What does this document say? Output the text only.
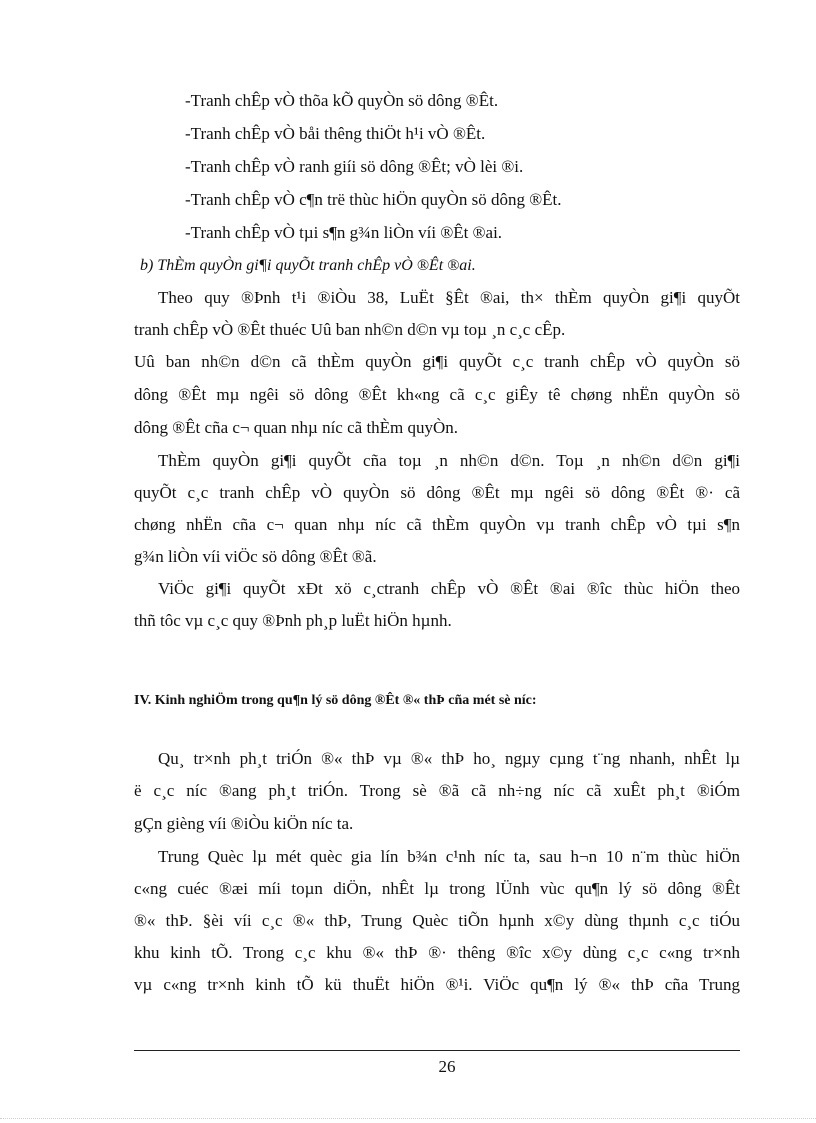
-Tranh chÊp vÒ thõa kÕ quyÒn sö dông ®Êt.
-Tranh chÊp vÒ båi thêng thiÖt h¹i vÒ ®Êt.
-Tranh chÊp vÒ ranh giíi sö dông ®Êt; vÒ lèi ®i.
-Tranh chÊp vÒ c¶n trë thùc hiÖn quyÒn sö dông ®Êt.
-Tranh chÊp vÒ tµi s¶n g¾n liÒn víi ®Êt ®ai.
b) ThÈm quyÒn gi¶i quyÕt tranh chÊp vÒ ®Êt ®ai.
Theo quy ®Þnh t¹i ®iÒu 38, LuËt §Êt ®ai, th× thÈm quyÒn gi¶i quyÕt
tranh chÊp vÒ ®Êt thuéc Uû ban nh©n d©n vµ toµ ¸n c¸c cÊp.
Uû ban nh©n d©n cã thÈm quyÒn gi¶i quyÕt c¸c tranh chÊp vÒ quyÒn sö
dông ®Êt mµ ngêi sö dông ®Êt kh«ng cã c¸c giÊy tê chøng nhËn quyÒn sö
dông ®Êt cña c¬ quan nhµ níc cã thÈm quyÒn.
ThÈm quyÒn gi¶i quyÕt cña toµ ¸n nh©n d©n. Toµ ¸n nh©n d©n gi¶i
quyÕt c¸c tranh chÊp vÒ quyÒn sö dông ®Êt mµ ngêi sö dông ®Êt ®· cã
chøng nhËn cña c¬ quan nhµ níc cã thÈm quyÒn vµ tranh chÊp vÒ tµi s¶n
g¾n liÒn víi viÖc sö dông ®Êt ®ã.
ViÖc gi¶i quyÕt xÐt xö c¸ctranh chÊp vÒ ®Êt ®ai ®îc thùc hiÖn theo
thñ tôc vµ c¸c quy ®Þnh ph¸p luËt hiÖn hµnh.
IV. Kinh nghiÖm trong qu¶n lý sö dông ®Êt ®« thÞ cña mét sè níc:
Qu¸ tr×nh ph¸t triÓn ®« thÞ vµ ®« thÞ ho¸ ngµy cµng t¨ng nhanh, nhÊt lµ
ë c¸c níc ®ang ph¸t triÓn. Trong sè ®ã cã nh÷ng níc cã xuÊt ph¸t ®iÓm
gÇn gièng víi ®iÒu kiÖn níc ta.
Trung Quèc lµ mét quèc gia lín b¾n c¹nh níc ta, sau h¬n 10 n¨m thùc hiÖn
c«ng cuéc ®æi míi toµn diÖn, nhÊt lµ trong lÜnh vùc qu¶n lý sö dông ®Êt
®« thÞ. §èi víi c¸c ®« thÞ, Trung Quèc tiÕn hµnh x©y dùng thµnh c¸c tiÓu
khu kinh tÕ. Trong c¸c khu ®« thÞ ®· thêng ®îc x©y dùng c¸c c«ng tr×nh
vµ c«ng tr×nh kinh tÕ kü thuËt hiÖn ®¹i. ViÖc qu¶n lý ®« thÞ cña Trung
26
